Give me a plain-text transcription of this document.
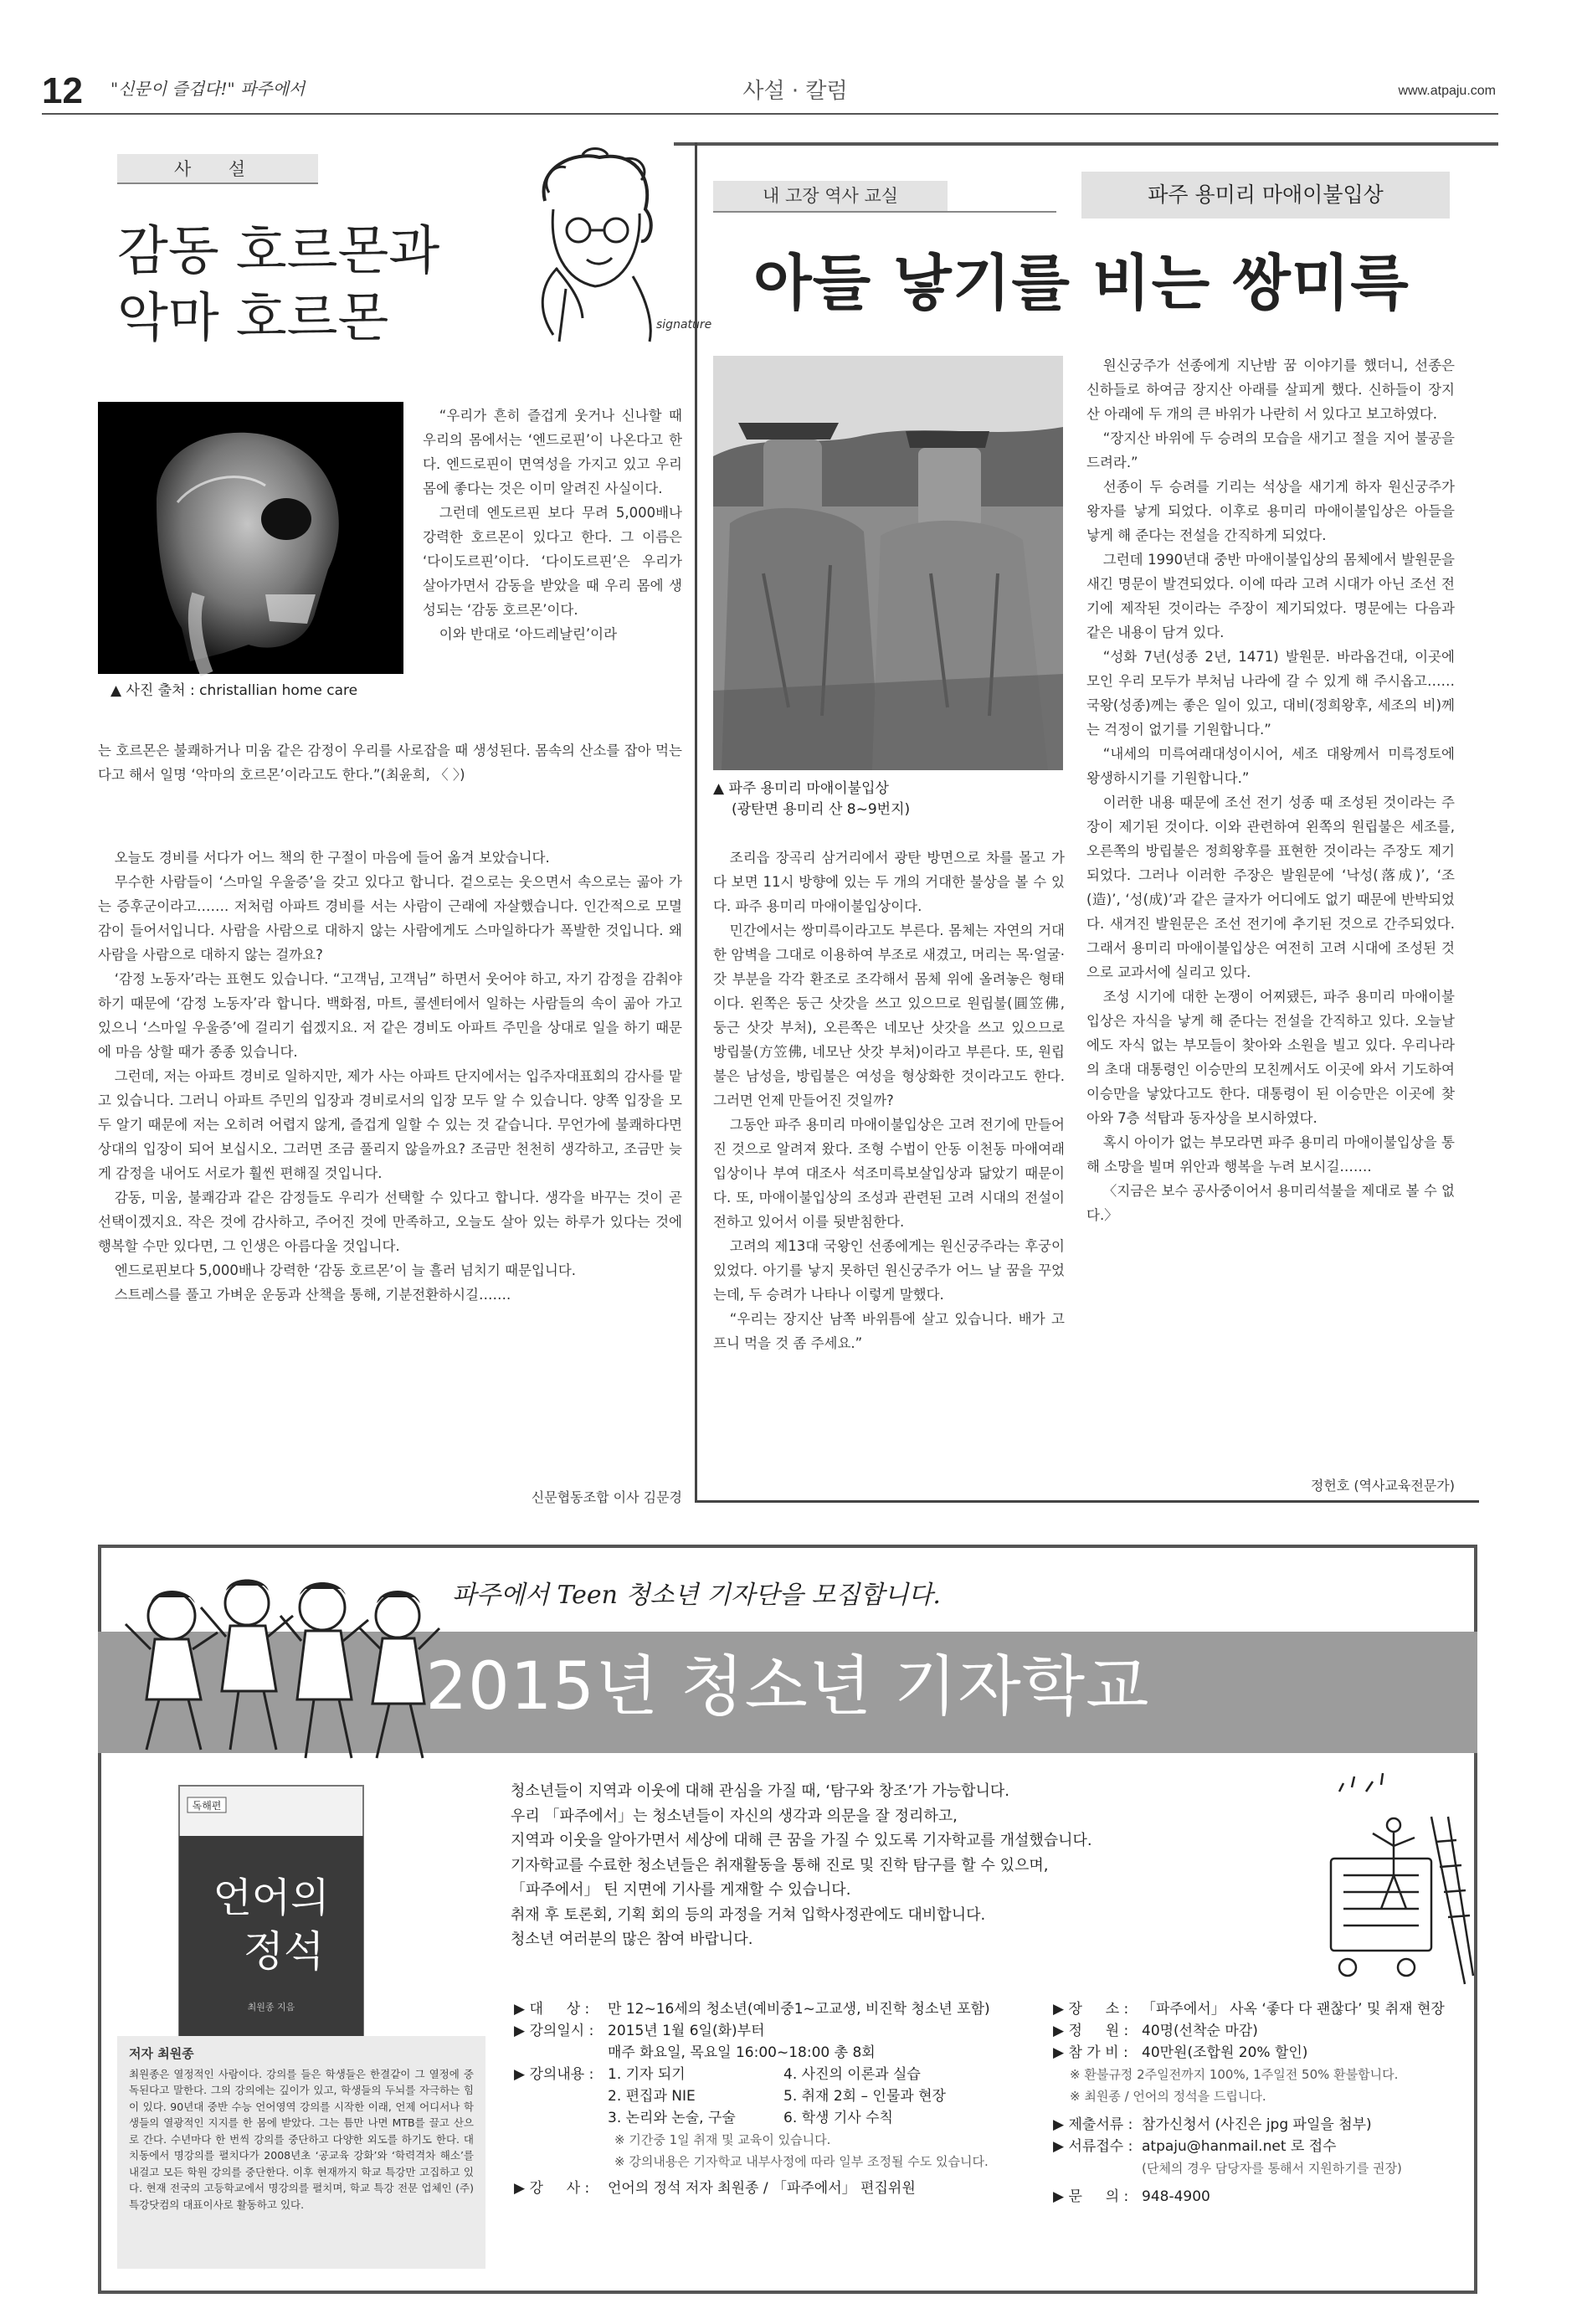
12 "신문이 즐겁다!" 파주에서	사설 · 칼럼	www.atpaju.com
사 설
감동 호르몬과
악마 호르몬	signature
▲ 사진 출처 : christallian home care

“우리가 흔히 즐겁게 웃거나 신나할 때 우리의 몸에서는 ‘엔드로핀’이 나온다고 한다. 엔드로핀이 면역성을 가지고 있고 우리 몸에 좋다는 것은 이미 알려진 사실이다.

그런데 엔도르핀 보다 무려 5,000배나 강력한 호르몬이 있다고 한다. 그 이름은 ‘다이도르핀’이다. ‘다이도르핀’은 우리가 살아가면서 감동을 받았을 때 우리 몸에 생성되는 ‘감동 호르몬’이다.

이와 반대로 ‘아드레날린’이라

는 호르몬은 불쾌하거나 미움 같은 감정이 우리를 사로잡을 때 생성된다. 몸속의 산소를 잡아 먹는다고 해서 일명 ‘악마의 호르몬’이라고도 한다.”(최윤희, 〈 〉)

오늘도 경비를 서다가 어느 책의 한 구절이 마음에 들어 옮겨 보았습니다.

무수한 사람들이 ‘스마일 우울증’을 갖고 있다고 합니다. 겉으로는 웃으면서 속으로는 곪아 가는 증후군이라고……. 저처럼 아파트 경비를 서는 사람이 근래에 자살했습니다. 인간적으로 모멸감이 들어서입니다. 사람을 사람으로 대하지 않는 사람에게도 스마일하다가 폭발한 것입니다. 왜 사람을 사람으로 대하지 않는 걸까요?

‘감정 노동자’라는 표현도 있습니다. “고객님, 고객님” 하면서 웃어야 하고, 자기 감정을 감춰야 하기 때문에 ‘감정 노동자’라 합니다. 백화점, 마트, 콜센터에서 일하는 사람들의 속이 곪아 가고 있으니 ‘스마일 우울증’에 걸리기 쉽겠지요. 저 같은 경비도 아파트 주민을 상대로 일을 하기 때문에 마음 상할 때가 종종 있습니다.

그런데, 저는 아파트 경비로 일하지만, 제가 사는 아파트 단지에서는 입주자대표회의 감사를 맡고 있습니다. 그러니 아파트 주민의 입장과 경비로서의 입장 모두 알 수 있습니다. 양쪽 입장을 모두 알기 때문에 저는 오히려 어렵지 않게, 즐겁게 일할 수 있는 것 같습니다. 무언가에 불쾌하다면 상대의 입장이 되어 보십시오. 그러면 조금 풀리지 않을까요? 조금만 천천히 생각하고, 조금만 늦게 감정을 내어도 서로가 훨씬 편해질 것입니다.

감동, 미움, 불쾌감과 같은 감정들도 우리가 선택할 수 있다고 합니다. 생각을 바꾸는 것이 곧 선택이겠지요. 작은 것에 감사하고, 주어진 것에 만족하고, 오늘도 살아 있는 하루가 있다는 것에 행복할 수만 있다면, 그 인생은 아름다울 것입니다.

엔드로핀보다 5,000배나 강력한 ‘감동 호르몬’이 늘 흘러 넘치기 때문입니다.

스트레스를 풀고 가벼운 운동과 산책을 통해, 기분전환하시길…….

신문협동조합 이사 김문경
내 고장 역사 교실	파주 용미리 마애이불입상
아들 낳기를 비는 쌍미륵
▲ 파주 용미리 마애이불입상
(광탄면 용미리 산 8~9번지)

조리읍 장곡리 삼거리에서 광탄 방면으로 차를 몰고 가다 보면 11시 방향에 있는 두 개의 거대한 불상을 볼 수 있다. 파주 용미리 마애이불입상이다.

민간에서는 쌍미륵이라고도 부른다. 몸체는 자연의 거대한 암벽을 그대로 이용하여 부조로 새겼고, 머리는 목·얼굴·갓 부분을 각각 환조로 조각해서 몸체 위에 올려놓은 형태이다. 왼쪽은 둥근 삿갓을 쓰고 있으므로 원립불(圓笠佛, 둥근 삿갓 부처), 오른쪽은 네모난 삿갓을 쓰고 있으므로 방립불(方笠佛, 네모난 삿갓 부처)이라고 부른다. 또, 원립불은 남성을, 방립불은 여성을 형상화한 것이라고도 한다. 그러면 언제 만들어진 것일까?

그동안 파주 용미리 마애이불입상은 고려 전기에 만들어진 것으로 알려져 왔다. 조형 수법이 안동 이천동 마애여래입상이나 부여 대조사 석조미륵보살입상과 닮았기 때문이다. 또, 마애이불입상의 조성과 관련된 고려 시대의 전설이 전하고 있어서 이를 뒷받침한다.

고려의 제13대 국왕인 선종에게는 원신궁주라는 후궁이 있었다. 아기를 낳지 못하던 원신궁주가 어느 날 꿈을 꾸었는데, 두 승려가 나타나 이렇게 말했다.

“우리는 장지산 남쪽 바위틈에 살고 있습니다. 배가 고프니 먹을 것 좀 주세요.”

원신궁주가 선종에게 지난밤 꿈 이야기를 했더니, 선종은 신하들로 하여금 장지산 아래를 살피게 했다. 신하들이 장지산 아래에 두 개의 큰 바위가 나란히 서 있다고 보고하였다.

“장지산 바위에 두 승려의 모습을 새기고 절을 지어 불공을 드려라.”

선종이 두 승려를 기리는 석상을 새기게 하자 원신궁주가 왕자를 낳게 되었다. 이후로 용미리 마애이불입상은 아들을 낳게 해 준다는 전설을 간직하게 되었다.

그런데 1990년대 중반 마애이불입상의 몸체에서 발원문을 새긴 명문이 발견되었다. 이에 따라 고려 시대가 아닌 조선 전기에 제작된 것이라는 주장이 제기되었다. 명문에는 다음과 같은 내용이 담겨 있다.

“성화 7년(성종 2년, 1471) 발원문. 바라옵건대, 이곳에 모인 우리 모두가 부처님 나라에 갈 수 있게 해 주시옵고…… 국왕(성종)께는 좋은 일이 있고, 대비(정희왕후, 세조의 비)께는 걱정이 없기를 기원합니다.”

“내세의 미륵여래대성이시어, 세조 대왕께서 미륵정토에 왕생하시기를 기원합니다.”

이러한 내용 때문에 조선 전기 성종 때 조성된 것이라는 주장이 제기된 것이다. 이와 관련하여 왼쪽의 원립불은 세조를, 오른쪽의 방립불은 정희왕후를 표현한 것이라는 주장도 제기되었다. 그러나 이러한 주장은 발원문에 ‘낙성(落成)’, ‘조(造)’, ‘성(成)’과 같은 글자가 어디에도 없기 때문에 반박되었다. 새겨진 발원문은 조선 전기에 추기된 것으로 간주되었다. 그래서 용미리 마애이불입상은 여전히 고려 시대에 조성된 것으로 교과서에 실리고 있다.

조성 시기에 대한 논쟁이 어찌됐든, 파주 용미리 마애이불입상은 자식을 낳게 해 준다는 전설을 간직하고 있다. 오늘날에도 자식 없는 부모들이 찾아와 소원을 빌고 있다. 우리나라의 초대 대통령인 이승만의 모친께서도 이곳에 와서 기도하여 이승만을 낳았다고도 한다. 대통령이 된 이승만은 이곳에 찾아와 7층 석탑과 동자상을 보시하였다.

혹시 아이가 없는 부모라면 파주 용미리 마애이불입상을 통해 소망을 빌며 위안과 행복을 누려 보시길…….

〈지금은 보수 공사중이어서 용미리석불을 제대로 볼 수 없다.〉

정헌호 (역사교육전문가)
파주에서 Teen 청소년 기자단을 모집합니다.
2015년 청소년 기자학교
청소년들이 지역과 이웃에 대해 관심을 가질 때, ‘탐구와 창조’가 가능합니다.
우리 「파주에서」는 청소년들이 자신의 생각과 의문을 잘 정리하고,
지역과 이웃을 알아가면서 세상에 대해 큰 꿈을 가질 수 있도록 기자학교를 개설했습니다.
기자학교를 수료한 청소년들은 취재활동을 통해 진로 및 진학 탐구를 할 수 있으며,
「파주에서」 틴 지면에 기사를 게재할 수 있습니다.
취재 후 토론회, 기획 회의 등의 과정을 거쳐 입학사정관에도 대비합니다.
청소년 여러분의 많은 참여 바랍니다.
독해편
언어의
정석
최원종 지음
저자 최원종
최원종은 열정적인 사람이다. 강의를 들은 학생들은 한결같이 그 열정에 중독된다고 말한다. 그의 강의에는 깊이가 있고, 학생들의 두뇌를 자극하는 힘이 있다. 90년대 중반 수능 언어영역 강의를 시작한 이래, 언제 어디서나 학생들의 열광적인 지지를 한 몸에 받았다. 그는 틈만 나면 MTB를 끌고 산으로 간다. 수년마다 한 번씩 강의를 중단하고 다양한 외도를 하기도 한다. 대치동에서 명강의를 펼치다가 2008년초 ‘공교육 강화’와 ‘학력격차 해소’를 내걸고 모든 학원 강의를 중단한다. 이후 현재까지 학교 특강만 고집하고 있다. 현재 전국의 고등학교에서 명강의를 펼치며, 학교 특강 전문 업체인 (주)특강닷컴의 대표이사로 활동하고 있다.
▶ 대 　 상 :	만 12~16세의 청소년(예비중1~고교생, 비진학 청소년 포함)
▶ 강의일시 : 2015년 1월 6일(화)부터
매주 화요일, 목요일 16:00~18:00 총 8회
▶ 강의내용 : 1. 기자 되기	4. 사진의 이론과 실습
2. 편집과 NIE	5. 취재 2회 – 인물과 현장
3. 논리와 논술, 구술	6. 학생 기사 수칙
※ 기간중 1일 취재 및 교육이 있습니다.
※ 강의내용은 기자학교 내부사정에 따라 일부 조정될 수도 있습니다.
▶ 강 　 사 :	언어의 정석 저자 최원종 / 「파주에서」 편집위원
▶ 장 　 소 : 「파주에서」 사옥 ‘좋다 다 괜찮다’ 및 취재 현장
▶ 정 　 원 : 40명(선착순 마감)
▶ 참 가 비 : 40만원(조합원 20% 할인)
※ 환불규정 2주일전까지 100%, 1주일전 50% 환불합니다.
※ 최원종 / 언어의 정석을 드립니다.
▶ 제출서류 : 참가신청서 (사진은 jpg 파일을 첨부)
▶ 서류접수 : atpaju@hanmail.net 로 접수
(단체의 경우 담당자를 통해서 지원하기를 권장)
▶ 문 　 의 : 948-4900
